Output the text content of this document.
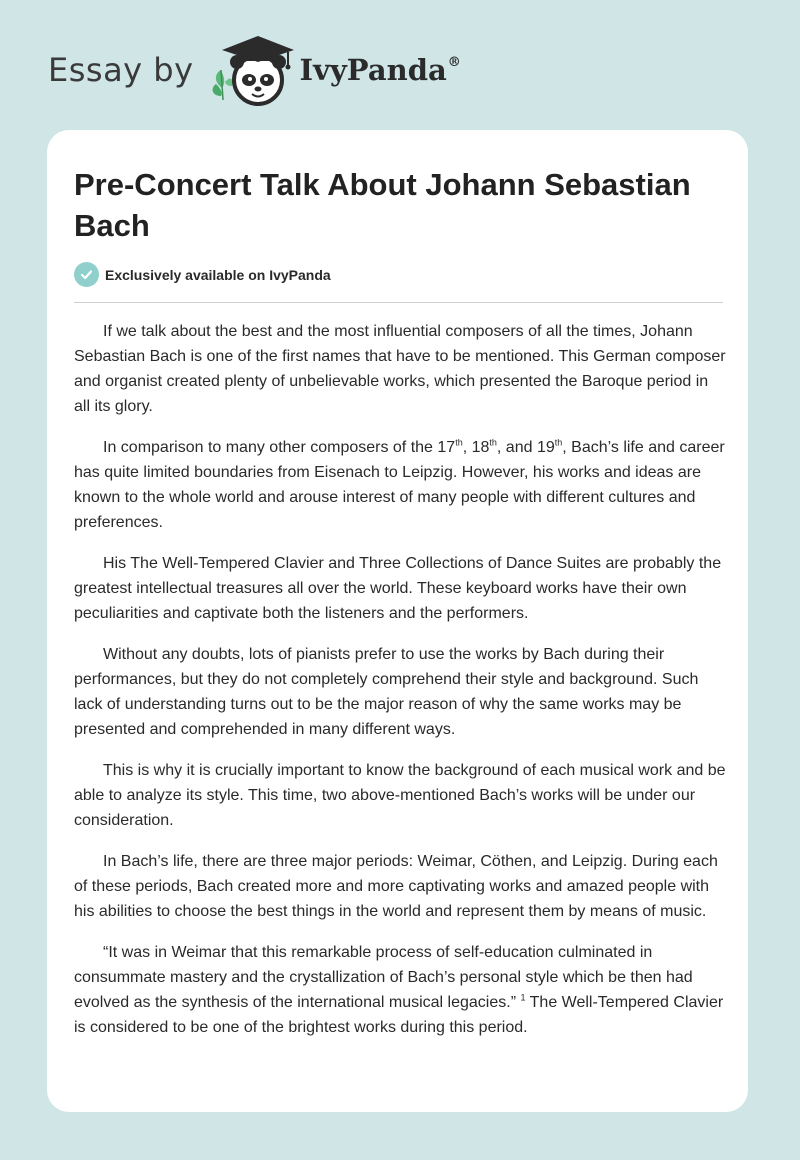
Essay by	IvyPanda®
Pre-Concert Talk About Johann Sebastian Bach
Exclusively available on IvyPanda

If we talk about the best and the most influential composers of all the times, Johann Sebastian Bach is one of the first names that have to be mentioned. This German composer and organist created plenty of unbelievable works, which presented the Baroque period in all its glory.

In comparison to many other composers of the 17th, 18th, and 19th, Bach’s life and career has quite limited boundaries from Eisenach to Leipzig. However, his works and ideas are known to the whole world and arouse interest of many people with different cultures and preferences.

His The Well-Tempered Clavier and Three Collections of Dance Suites are probably the greatest intellectual treasures all over the world. These keyboard works have their own peculiarities and captivate both the listeners and the performers.

Without any doubts, lots of pianists prefer to use the works by Bach during their performances, but they do not completely comprehend their style and background. Such lack of understanding turns out to be the major reason of why the same works may be presented and comprehended in many different ways.

This is why it is crucially important to know the background of each musical work and be able to analyze its style. This time, two above-mentioned Bach’s works will be under our consideration.

In Bach’s life, there are three major periods: Weimar, Cöthen, and Leipzig. During each of these periods, Bach created more and more captivating works and amazed people with his abilities to choose the best things in the world and represent them by means of music.

“It was in Weimar that this remarkable process of self-education culminated in consummate mastery and the crystallization of Bach’s personal style which be then had evolved as the synthesis of the international musical legacies.” $^1$ The Well-Tempered Clavier is considered to be one of the brightest works during this period.
